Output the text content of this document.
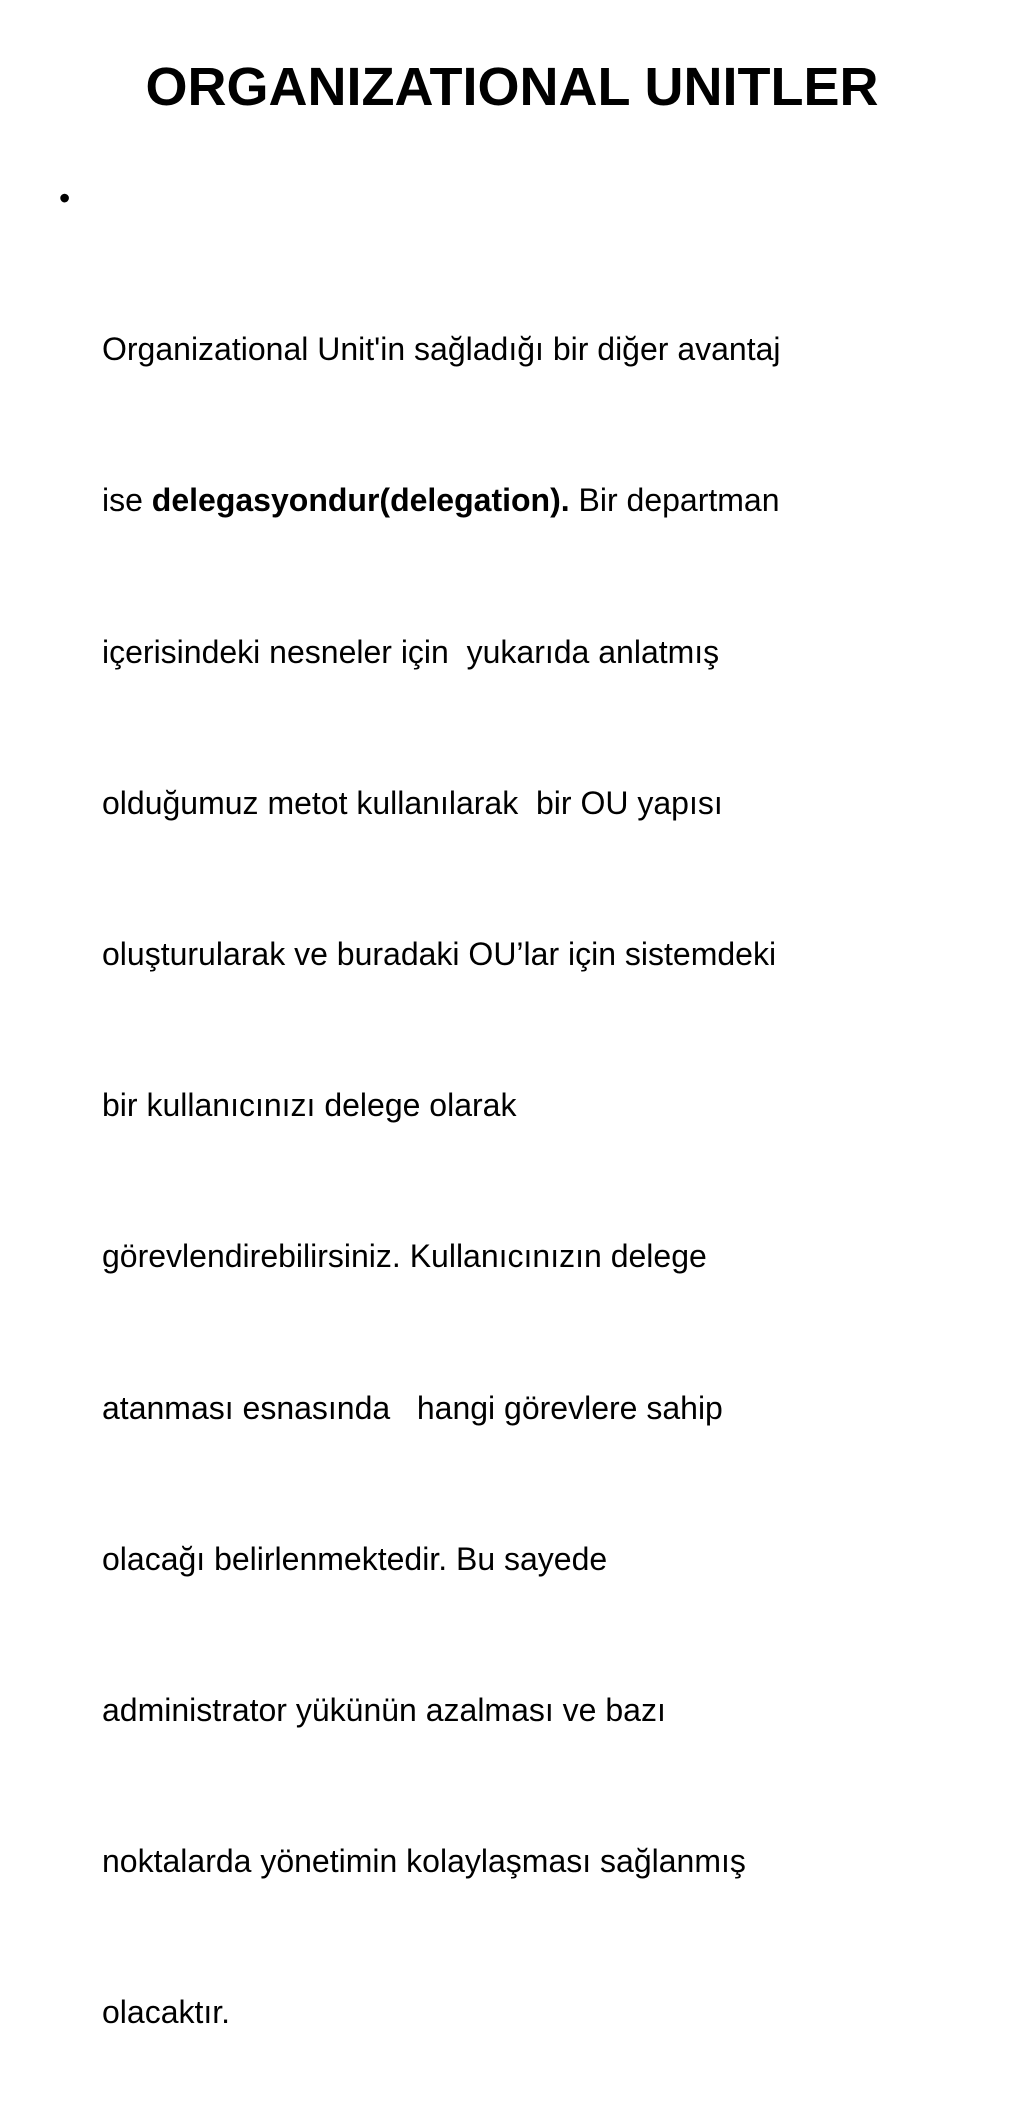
ORGANIZATIONAL UNITLER

•

Organizational Unit'in sağladığı bir diğer avantaj

ise delegasyondur(delegation). Bir departman

içerisindeki nesneler için  yukarıda anlatmış

olduğumuz metot kullanılarak  bir OU yapısı

oluşturularak ve buradaki OU’lar için sistemdeki

bir kullanıcınızı delege olarak

görevlendirebilirsiniz. Kullanıcınızın delege

atanması esnasında   hangi görevlere sahip

olacağı belirlenmektedir. Bu sayede

administrator yükünün azalması ve bazı

noktalarda yönetimin kolaylaşması sağlanmış

olacaktır.
